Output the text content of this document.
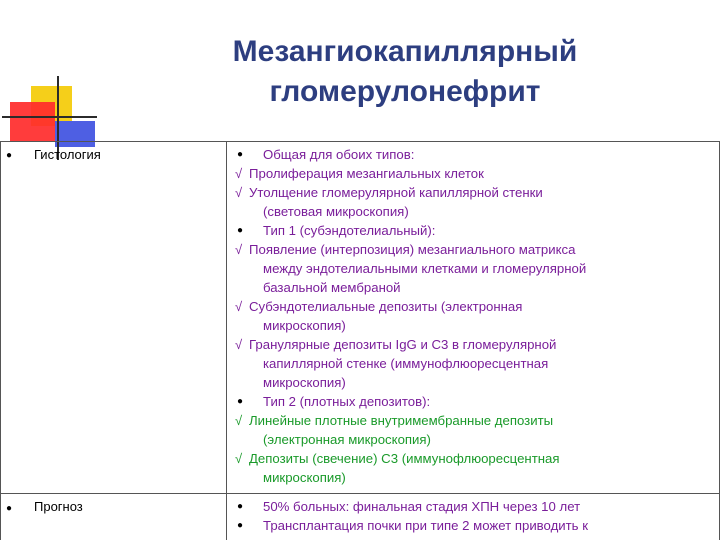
Мезангиокапиллярный
гломерулонефрит
● Гистология	● Общая для обоих типов:
√ Пролиферация мезангиальных клеток
√ Утолщение гломерулярной капиллярной стенки
(световая микроскопия)
● Тип 1 (субэндотелиальный):
√ Появление (интерпозиция) мезангиального матрикса
между эндотелиальными клетками и гломерулярной
базальной мембраной
√ Субэндотелиальные депозиты (электронная
микроскопия)
√ Гранулярные депозиты IgG и С3 в гломерулярной
капиллярной стенке (иммунофлюоресцентная
микроскопия)
● Тип 2 (плотных депозитов):
√ Линейные плотные внутримембранные депозиты
(электронная микроскопия)
√ Депозиты (свечение) С3 (иммунофлюоресцентная
микроскопия)
● Прогноз	● 50% больных: финальная стадия ХПН через 10 лет
● Трансплантация почки при типе 2 может приводить к
